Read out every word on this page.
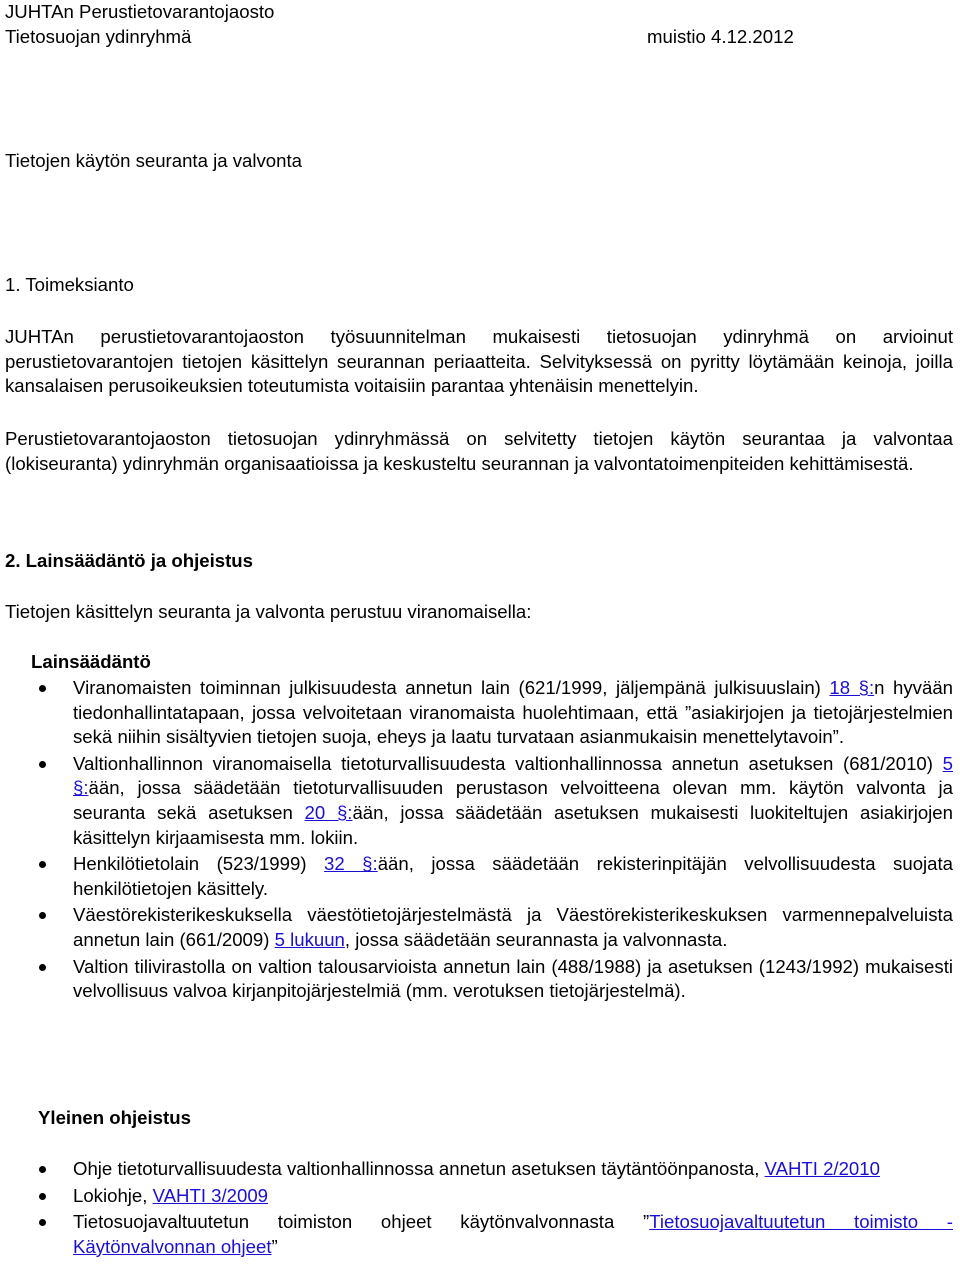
JUHTAn Perustietovarantojaosto
Tietosuojan ydinryhmä	muistio 4.12.2012
Tietojen käytön seuranta ja valvonta
1. Toimeksianto

JUHTAn perustietovarantojaoston työsuunnitelman mukaisesti tietosuojan ydinryhmä on arvioinut perustietovarantojen tietojen käsittelyn seurannan periaatteita. Selvityksessä on pyritty löytämään keinoja, joilla kansalaisen perusoikeuksien toteutumista voitaisiin parantaa yhtenäisin menettelyin.

Perustietovarantojaoston tietosuojan ydinryhmässä on selvitetty tietojen käytön seurantaa ja valvontaa (lokiseuranta) ydinryhmän organisaatioissa ja keskusteltu seurannan ja valvontatoimenpiteiden kehittämisestä.

2. Lainsäädäntö ja ohjeistus
Tietojen käsittelyn seuranta ja valvonta perustuu viranomaisella:
Lainsäädäntö
Viranomaisten toiminnan julkisuudesta annetun lain (621/1999, jäljempänä julkisuuslain) 18 §:n hyvään tiedonhallintatapaan, jossa velvoitetaan viranomaista huolehtimaan, että ”asiakirjojen ja tietojärjestelmien sekä niihin sisältyvien tietojen suoja, eheys ja laatu turvataan asianmukaisin menettelytavoin”.
Valtionhallinnon viranomaisella tietoturvallisuudesta valtionhallinnossa annetun asetuksen (681/2010) 5 §:ään, jossa säädetään tietoturvallisuuden perustason velvoitteena olevan mm. käytön valvonta ja seuranta sekä asetuksen 20 §:ään, jossa säädetään asetuksen mukaisesti luokiteltujen asiakirjojen käsittelyn kirjaamisesta mm. lokiin.
Henkilötietolain (523/1999) 32 §:ään, jossa säädetään rekisterinpitäjän velvollisuudesta suojata henkilötietojen käsittely.
Väestörekisterikeskuksella väestötietojärjestelmästä ja Väestörekisterikeskuksen varmennepalveluista annetun lain (661/2009) 5 lukuun, jossa säädetään seurannasta ja valvonnasta.
Valtion tilivirastolla on valtion talousarvioista annetun lain (488/1988) ja asetuksen (1243/1992) mukaisesti velvollisuus valvoa kirjanpitojärjestelmiä (mm. verotuksen tietojärjestelmä).
Yleinen ohjeistus
Ohje tietoturvallisuudesta valtionhallinnossa annetun asetuksen täytäntöönpanosta, VAHTI 2/2010
Lokiohje, VAHTI 3/2009
Tietosuojavaltuutetun toimiston ohjeet käytönvalvonnasta ”Tietosuojavaltuutetun toimisto - Käytönvalvonnan ohjeet”
